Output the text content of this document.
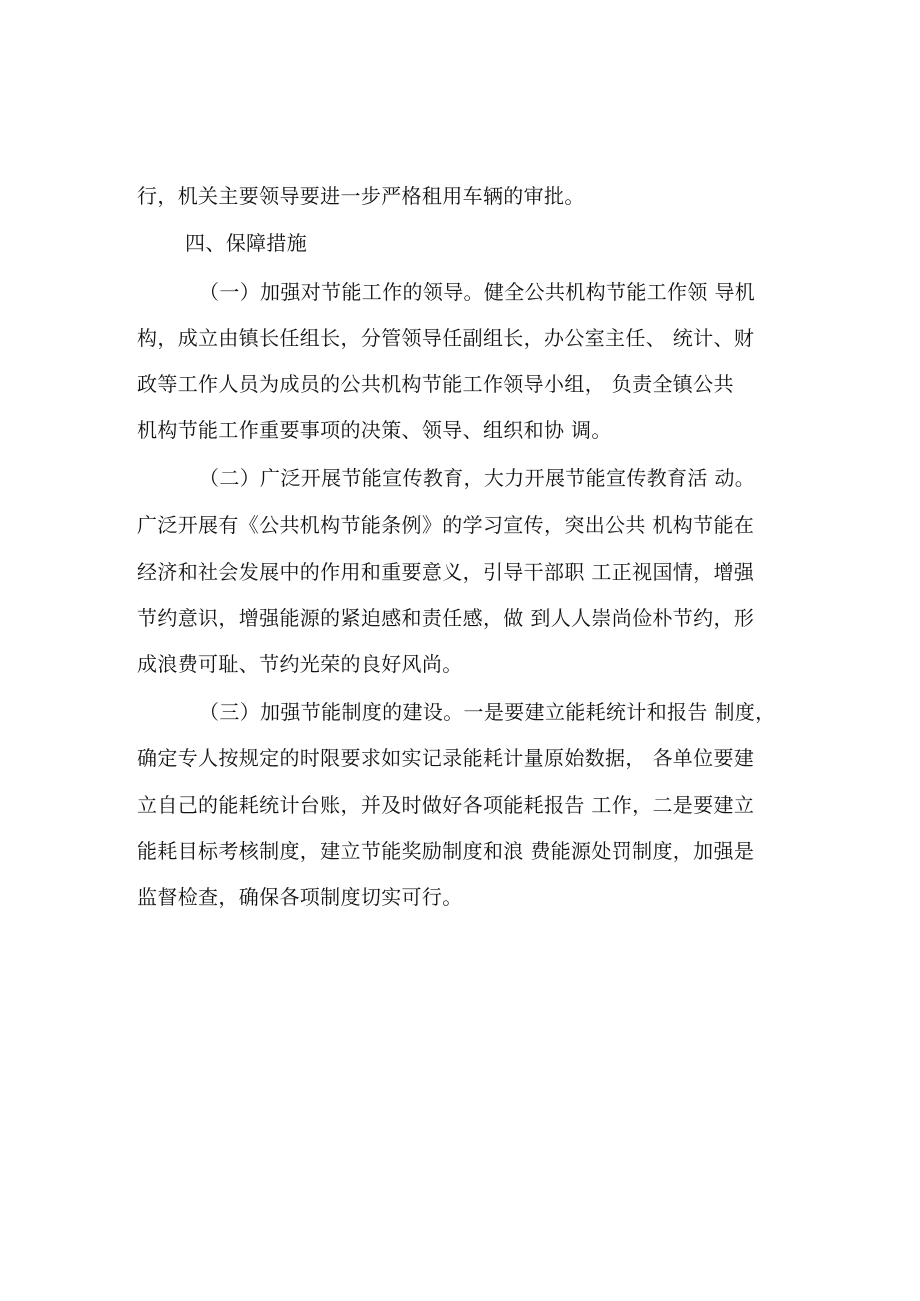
行，机关主要领导要进一步严格租用车辆的审批。
四、保障措施
（一）加强对节能工作的领导。健全公共机构节能工作领 导机
构，成立由镇长任组长，分管领导任副组长，办公室主任、 统计、财
政等工作人员为成员的公共机构节能工作领导小组， 负责全镇公共
机构节能工作重要事项的决策、领导、组织和协 调。
（二）广泛开展节能宣传教育，大力开展节能宣传教育活 动。
广泛开展有《公共机构节能条例》的学习宣传，突出公共 机构节能在
经济和社会发展中的作用和重要意义，引导干部职 工正视国情，增强
节约意识，增强能源的紧迫感和责任感，做 到人人崇尚俭朴节约，形
成浪费可耻、节约光荣的良好风尚。
（三）加强节能制度的建设。一是要建立能耗统计和报告 制度，
确定专人按规定的时限要求如实记录能耗计量原始数据， 各单位要建
立自己的能耗统计台账，并及时做好各项能耗报告 工作，二是要建立
能耗目标考核制度，建立节能奖励制度和浪 费能源处罚制度，加强是
监督检查，确保各项制度切实可行。
